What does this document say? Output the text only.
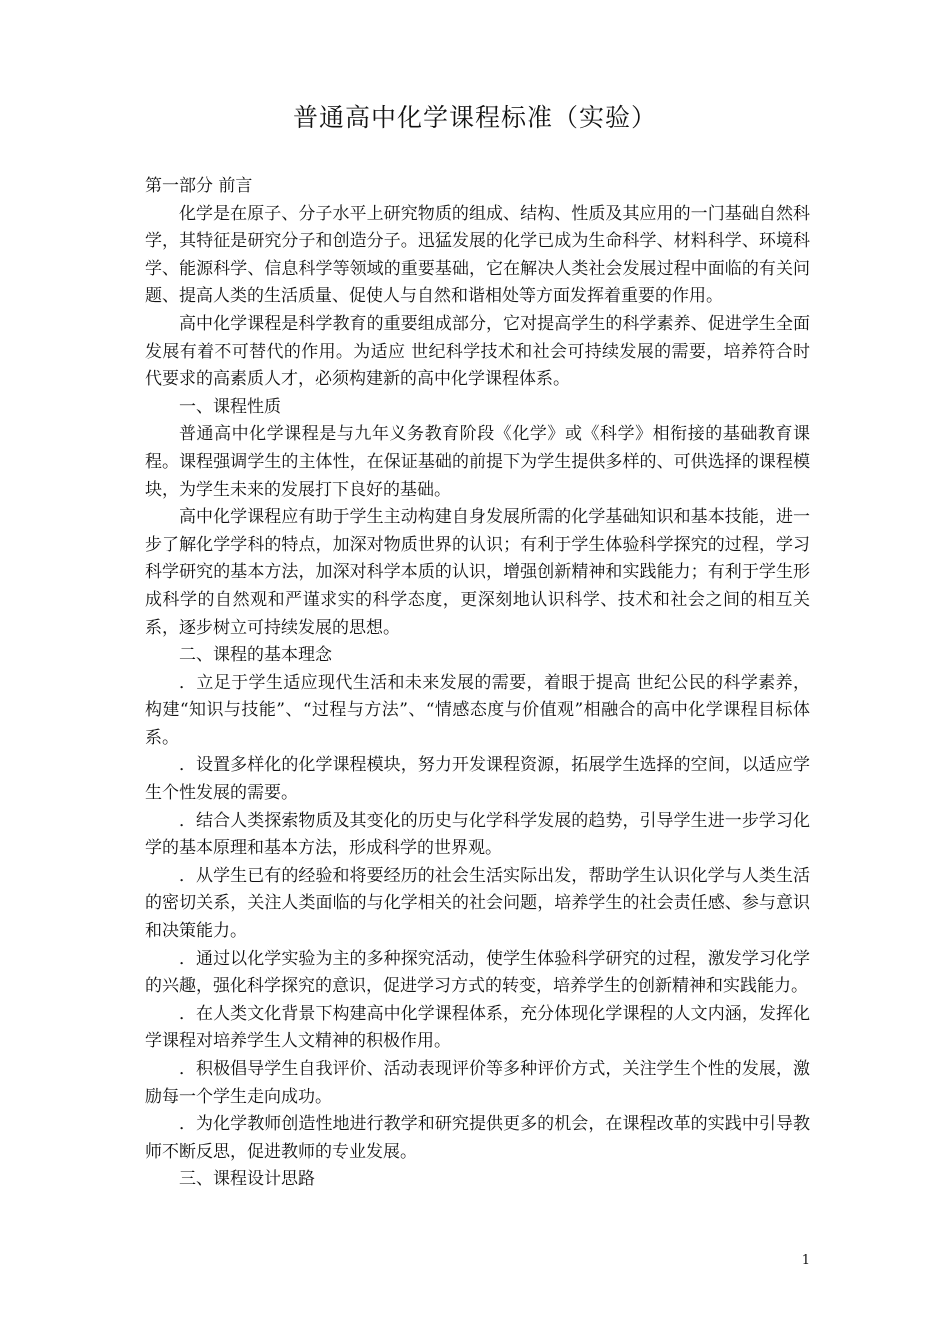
普通高中化学课程标准（实验）

第一部分 前言

化学是在原子、分子水平上研究物质的组成、结构、性质及其应用的一门基础自然科学，其特征是研究分子和创造分子。迅猛发展的化学已成为生命科学、材料科学、环境科学、能源科学、信息科学等领域的重要基础，它在解决人类社会发展过程中面临的有关问题、提高人类的生活质量、促使人与自然和谐相处等方面发挥着重要的作用。

高中化学课程是科学教育的重要组成部分，它对提高学生的科学素养、促进学生全面发展有着不可替代的作用。为适应 世纪科学技术和社会可持续发展的需要，培养符合时代要求的高素质人才，必须构建新的高中化学课程体系。

一、课程性质

普通高中化学课程是与九年义务教育阶段《化学》或《科学》相衔接的基础教育课程。课程强调学生的主体性，在保证基础的前提下为学生提供多样的、可供选择的课程模块，为学生未来的发展打下良好的基础。

高中化学课程应有助于学生主动构建自身发展所需的化学基础知识和基本技能，进一步了解化学学科的特点，加深对物质世界的认识；有利于学生体验科学探究的过程，学习科学研究的基本方法，加深对科学本质的认识，增强创新精神和实践能力；有利于学生形成科学的自然观和严谨求实的科学态度，更深刻地认识科学、技术和社会之间的相互关系，逐步树立可持续发展的思想。

二、课程的基本理念

．立足于学生适应现代生活和未来发展的需要，着眼于提高 世纪公民的科学素养，构建“知识与技能”、“过程与方法”、“情感态度与价值观”相融合的高中化学课程目标体系。

．设置多样化的化学课程模块，努力开发课程资源，拓展学生选择的空间，以适应学生个性发展的需要。

．结合人类探索物质及其变化的历史与化学科学发展的趋势，引导学生进一步学习化学的基本原理和基本方法，形成科学的世界观。

．从学生已有的经验和将要经历的社会生活实际出发，帮助学生认识化学与人类生活的密切关系，关注人类面临的与化学相关的社会问题，培养学生的社会责任感、参与意识和决策能力。

．通过以化学实验为主的多种探究活动，使学生体验科学研究的过程，激发学习化学的兴趣，强化科学探究的意识，促进学习方式的转变，培养学生的创新精神和实践能力。

．在人类文化背景下构建高中化学课程体系，充分体现化学课程的人文内涵，发挥化学课程对培养学生人文精神的积极作用。

．积极倡导学生自我评价、活动表现评价等多种评价方式，关注学生个性的发展，激励每一个学生走向成功。

．为化学教师创造性地进行教学和研究提供更多的机会，在课程改革的实践中引导教师不断反思，促进教师的专业发展。

三、课程设计思路

1
